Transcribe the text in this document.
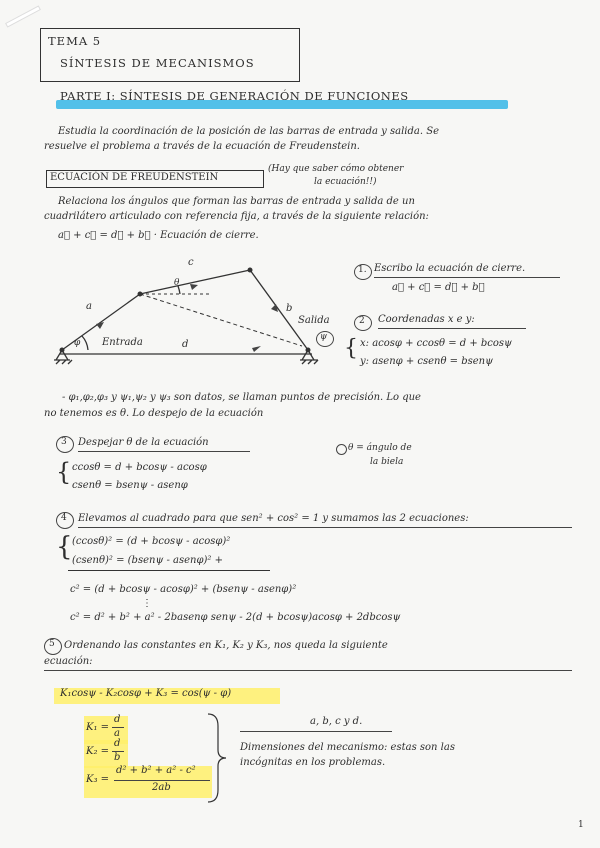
TEMA 5
SÍNTESIS DE MECANISMOS
PARTE I: SÍNTESIS DE GENERACIÓN DE FUNCIONES
Estudia la coordinación de la posición de las barras de entrada y salida. Se
resuelve el problema a través de la ecuación de Freudenstein.
ECUACIÓN DE FREUDENSTEIN
(Hay que saber cómo obtener
la ecuación!!)
Relaciona los ángulos que forman las barras de entrada y salida de un
cuadrilátero articulado con referencia fija, a través de la siguiente relación:
a⃗ + c⃗ = d⃗ + b⃗ · Ecuación de cierre.
c
θ
a	b
φ Entrada	d
Salida
ψ
1. Escribo la ecuación de cierre.
a⃗ + c⃗ = d⃗ + b⃗
2 Coordenadas x e y:
{ x: acosφ + ccosθ = d + bcosψ
y: asenφ + csenθ = bsenψ
- φ₁,φ₂,φ₃ y ψ₁,ψ₂ y ψ₃ son datos, se llaman puntos de precisión. Lo que
no tenemos es θ. Lo despejo de la ecuación
3 Despejar θ de la ecuación	θ = ángulo de
la biela
{ ccosθ = d + bcosψ - acosφ
csenθ = bsenψ - asenφ
4 Elevamos al cuadrado para que sen² + cos² = 1 y sumamos las 2 ecuaciones:
{ (ccosθ)² = (d + bcosψ - acosφ)²
(csenθ)² = (bsenψ - asenφ)² +
c² = (d + bcosψ - acosφ)² + (bsenψ - asenφ)²
⋮
c² = d² + b² + a² - 2basenφ senψ - 2(d + bcosψ)acosφ + 2dbcosψ
5 Ordenando las constantes en K₁, K₂ y K₃, nos queda la siguiente
ecuación:
K₁cosψ - K₂cosφ + K₃ = cos(ψ - φ)
K₁ =
d
a
K₂ =
d
b
K₃ =
d² + b² + a² - c²
2ab
a, b, c y d.
Dimensiones del mecanismo: estas son las
incógnitas en los problemas.
1
